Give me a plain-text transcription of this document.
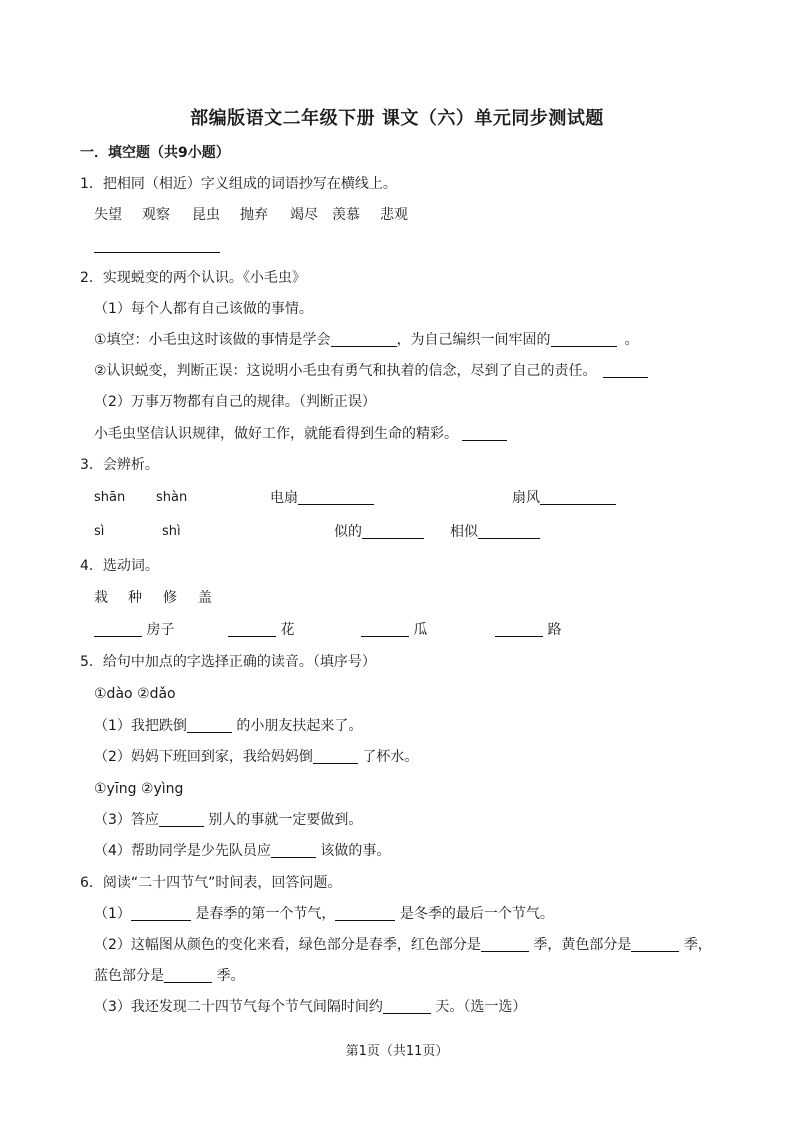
部编版语文二年级下册 课文（六）单元同步测试题
一．填空题（共9小题）
1．把相同（相近）字义组成的词语抄写在横线上。
失望 观察 昆虫 抛弃 竭尽 羡慕 悲观
2．实现蜕变的两个认识。《小毛虫》
（1）每个人都有自己该做的事情。
①填空：小毛虫这时该做的事情是学会	，为自己编织一间牢固的	。
②认识蜕变，判断正误：这说明小毛虫有勇气和执着的信念，尽到了自己的责任。
（2）万事万物都有自己的规律。（判断正误）
小毛虫坚信认识规律，做好工作，就能看得到生命的精彩。
3．会辨析。
shān shàn	电扇	扇风
sì	shì	似的	相似
4．选动词。
栽 种 修 盖
房子	花	瓜	路
5．给句中加点的字选择正确的读音。（填序号）
①dào ②dǎo
（1）我把跌倒	的小朋友扶起来了。
（2）妈妈下班回到家，我给妈妈倒	了杯水。
①yīng ②yìng
（3）答应	别人的事就一定要做到。
（4）帮助同学是少先队员应	该做的事。
6．阅读“二十四节气”时间表，回答问题。
（1）	是春季的第一个节气，	是冬季的最后一个节气。
（2）这幅图从颜色的变化来看，绿色部分是春季，红色部分是	季，黄色部分是	季，
蓝色部分是	季。
（3）我还发现二十四节气每个节气间隔时间约	天。（选一选）
第1页（共11页）
